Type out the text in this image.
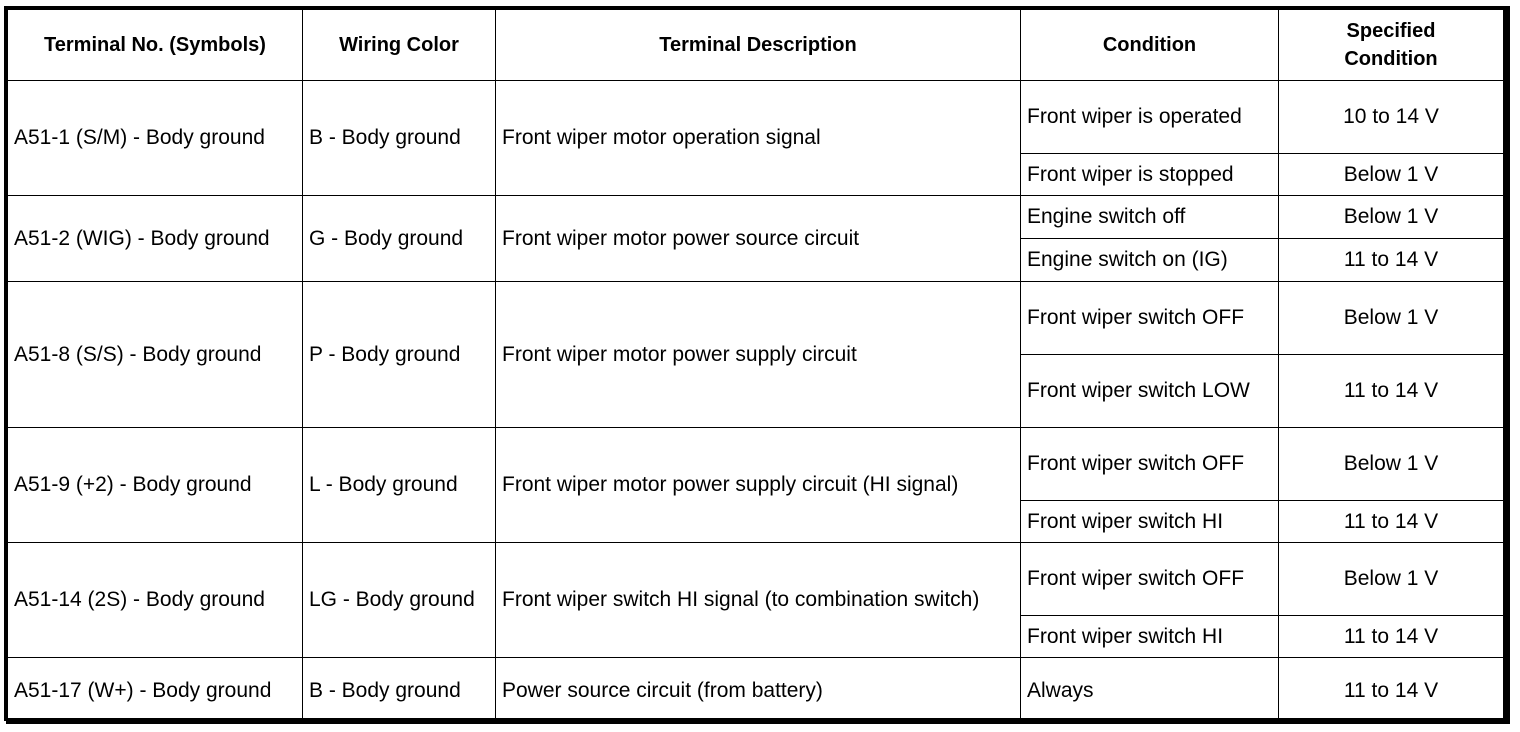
Terminal No. (Symbols)	Wiring Color	Terminal Description	Condition	Specified
Condition
A51-1 (S/M) - Body ground	B - Body ground	Front wiper motor operation signal	Front wiper is operated	10 to 14 V
			Front wiper is stopped	Below 1 V
A51-2 (WIG) - Body ground	G - Body ground	Front wiper motor power source circuit	Engine switch off	Below 1 V
			Engine switch on (IG)	11 to 14 V
A51-8 (S/S) - Body ground	P - Body ground	Front wiper motor power supply circuit	Front wiper switch OFF	Below 1 V
			Front wiper switch LOW	11 to 14 V
A51-9 (+2) - Body ground	L - Body ground	Front wiper motor power supply circuit (HI signal)	Front wiper switch OFF	Below 1 V
			Front wiper switch HI	11 to 14 V
A51-14 (2S) - Body ground	LG - Body ground	Front wiper switch HI signal (to combination switch)	Front wiper switch OFF	Below 1 V
			Front wiper switch HI	11 to 14 V
A51-17 (W+) - Body ground	B - Body ground	Power source circuit (from battery)	Always	11 to 14 V
